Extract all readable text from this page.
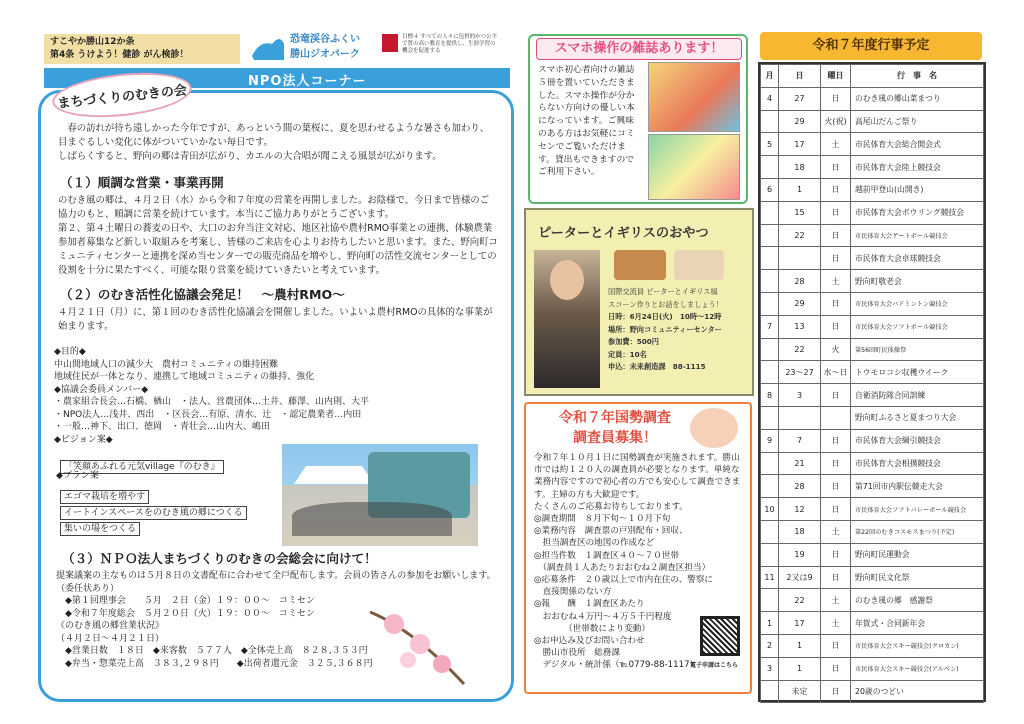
すこやか勝山12か条
第4条 うけよう！健診 がん検診！
恐竜渓谷ふくい
勝山ジオパーク
目標４ すべての人々に包摂的かつ公平で質の高い教育を提供し、生涯学習の機会を促進する
NPO法人コーナー
まちづくりのむきの会
春の訪れが待ち遠しかった今年ですが、あっという間の葉桜に、夏を思わせるような暑さも加わり、目まぐるしい変化に体がついていかない毎日です。
しばらくすると、野向の郷は青田が広がり、カエルの大合唱が聞こえる風景が広がります。
（１）順調な営業・事業再開
のむき風の郷は、４月２日（水）から令和７年度の営業を再開しました。お陰様で、今日まで皆様のご協力のもと、順調に営業を続けています。本当にご協力ありがとうございます。
第２、第４土曜日の蕎麦の日や、大口のお弁当注文対応、地区社協や農村RMO事業との連携、体験農業参加者募集など新しい取組みを考案し、皆様のご来店を心よりお待ちしたいと思います。また、野向町コミュニティセンターと連携を深め当センターでの販売商品を増やし、野向町の活性交流センターとしての役割を十分に果たすべく、可能な限り営業を続けていきたいと考えています。
（２）のむき活性化協議会発足！　～農村RMO～
４月２１日（月）に、第１回のむき活性化協議会を開催しました。いよいよ農村RMOの具体的な事業が始まります。
◆目的◆
中山間地域人口の減少大　農村コミュニティの維持困難
地域住民が一体となり、連携して地域コミュニティの維持、強化
◆協議会委員メンバー◆
・農家組合長会…石橋、楢山　・法人、営農団体…土井、藤澤、山内則、大平
・NPO法人…浅井、西出　・区長会…有原、清水、辻　・認定農業者…内田
・一般…神下、出口、徳岡　・青壮会…山内大、嶋田
◆ビジョン案◆
「笑顔あふれる元気village『のむき』
◆プラン案
エゴマ栽培を増やす
イートインスペースをのむき風の郷につくる
集いの場をつくる
（３）ＮＰＯ法人まちづくりのむきの会総会に向けて！
提案議案の主なものは５月８日の文書配布に合わせて全戸配布します。会員の皆さんの参加をお願いします。（委任状あり）
　◆第１回理事会　　５月　２日（金）１９：００～　コミセン
　◆令和７年度総会　５月２０日（火）１９：００～　コミセン
《のむき風の郷営業状況》
（４月２日～４月２１日）
　◆営業日数　１８日　◆来客数　５７７人　◆全体売上高　８２８,３５３円
　◆弁当・惣菜売上高　３８３,２９８円　　◆出荷者還元金　３２５,３６８円
スマホ操作の雑誌あります！
スマホ初心者向けの雑誌５冊を置いていただきました。スマホ操作が分からない方向けの優しい本になっています。ご興味のある方はお気軽にコミセンでご覧いただけます。貸出もできますのでご利用下さい。
ピーターとイギリスのおやつ
国際交流員 ピーターとイギリス風
スコーン作りとお話をしましょう！
日時：6月24日(火)　10時～12時
場所：野向コミュニティーセンター
参加費：500円
定員：10名
申込：未来創造課　88-1115
令和７年国勢調査
調査員募集！
令和７年１０月１日に国勢調査が実施されます。勝山市では約１２０人の調査員が必要となります。単純な業務内容ですので初心者の方でも安心して調査できます。主婦の方も大歓迎です。
たくさんのご応募お待ちしております。
◎調査期間　８月下旬～１０月下旬
◎業務内容　調査票の戸別配布・回収、
　担当調査区の地図の作成など
◎担当件数　１調査区４０～７０世帯
　（調査員１人あたりおおむね２調査区担当）
◎応募条件　２０歳以上で市内在住の、警察に
　直接関係のない方
◎報　　酬　１調査区あたり
　おおむね４万円～４万５千円程度
　　　　（世帯数により変動）
◎お申込み及びお問い合わせ
　勝山市役所　総務課
　デジタル・統計係（℡0779-88-1117）
電子申請はこちら
令和７年度行事予定
月	日	曜日	行　事　名
4	27	日	のむき風の郷山菜まつり
	29	火(祝)	高尾山だんご祭り
5	17	土	市民体育大会総合開会式
	18	日	市民体育大会陸上競技会
6	1	日	越前甲登山(山開き)
	15	日	市民体育大会ボウリング競技会
	22	日	市民体育大会ゲートボール競技会
		日	市民体育大会卓球競技会
	28	土	野向町敬老会
	29	日	市民体育大会バドミントン競技会
7	13	日	市民体育大会ソフトボール競技会
	22	火	第56回町民体操祭
	23～27	水～日	トウモロコシ収穫ウイーク
8	3	日	自衛消防隊合同訓練
			野向町ふるさと夏まつり大会
9	7	日	市民体育大会綱引競技会
	21	日	市民体育大会相撲競技会
	28	日	第71回市内駅伝競走大会
10	12	日	市民体育大会ソフトバレーボール競技会
	18	土	第22回のむきコスモスまつり(予定)
	19	日	野向町民運動会
11	2又は9	日	野向町民文化祭
	22	土	のむき風の郷　感謝祭
1	17	土	年賀式・合同新年会
2	1	日	市民体育大会スキー競技会(クロカン)
3	1	日	市民体育大会スキー競技会(アルペン)
	未定	日	20歳のつどい
